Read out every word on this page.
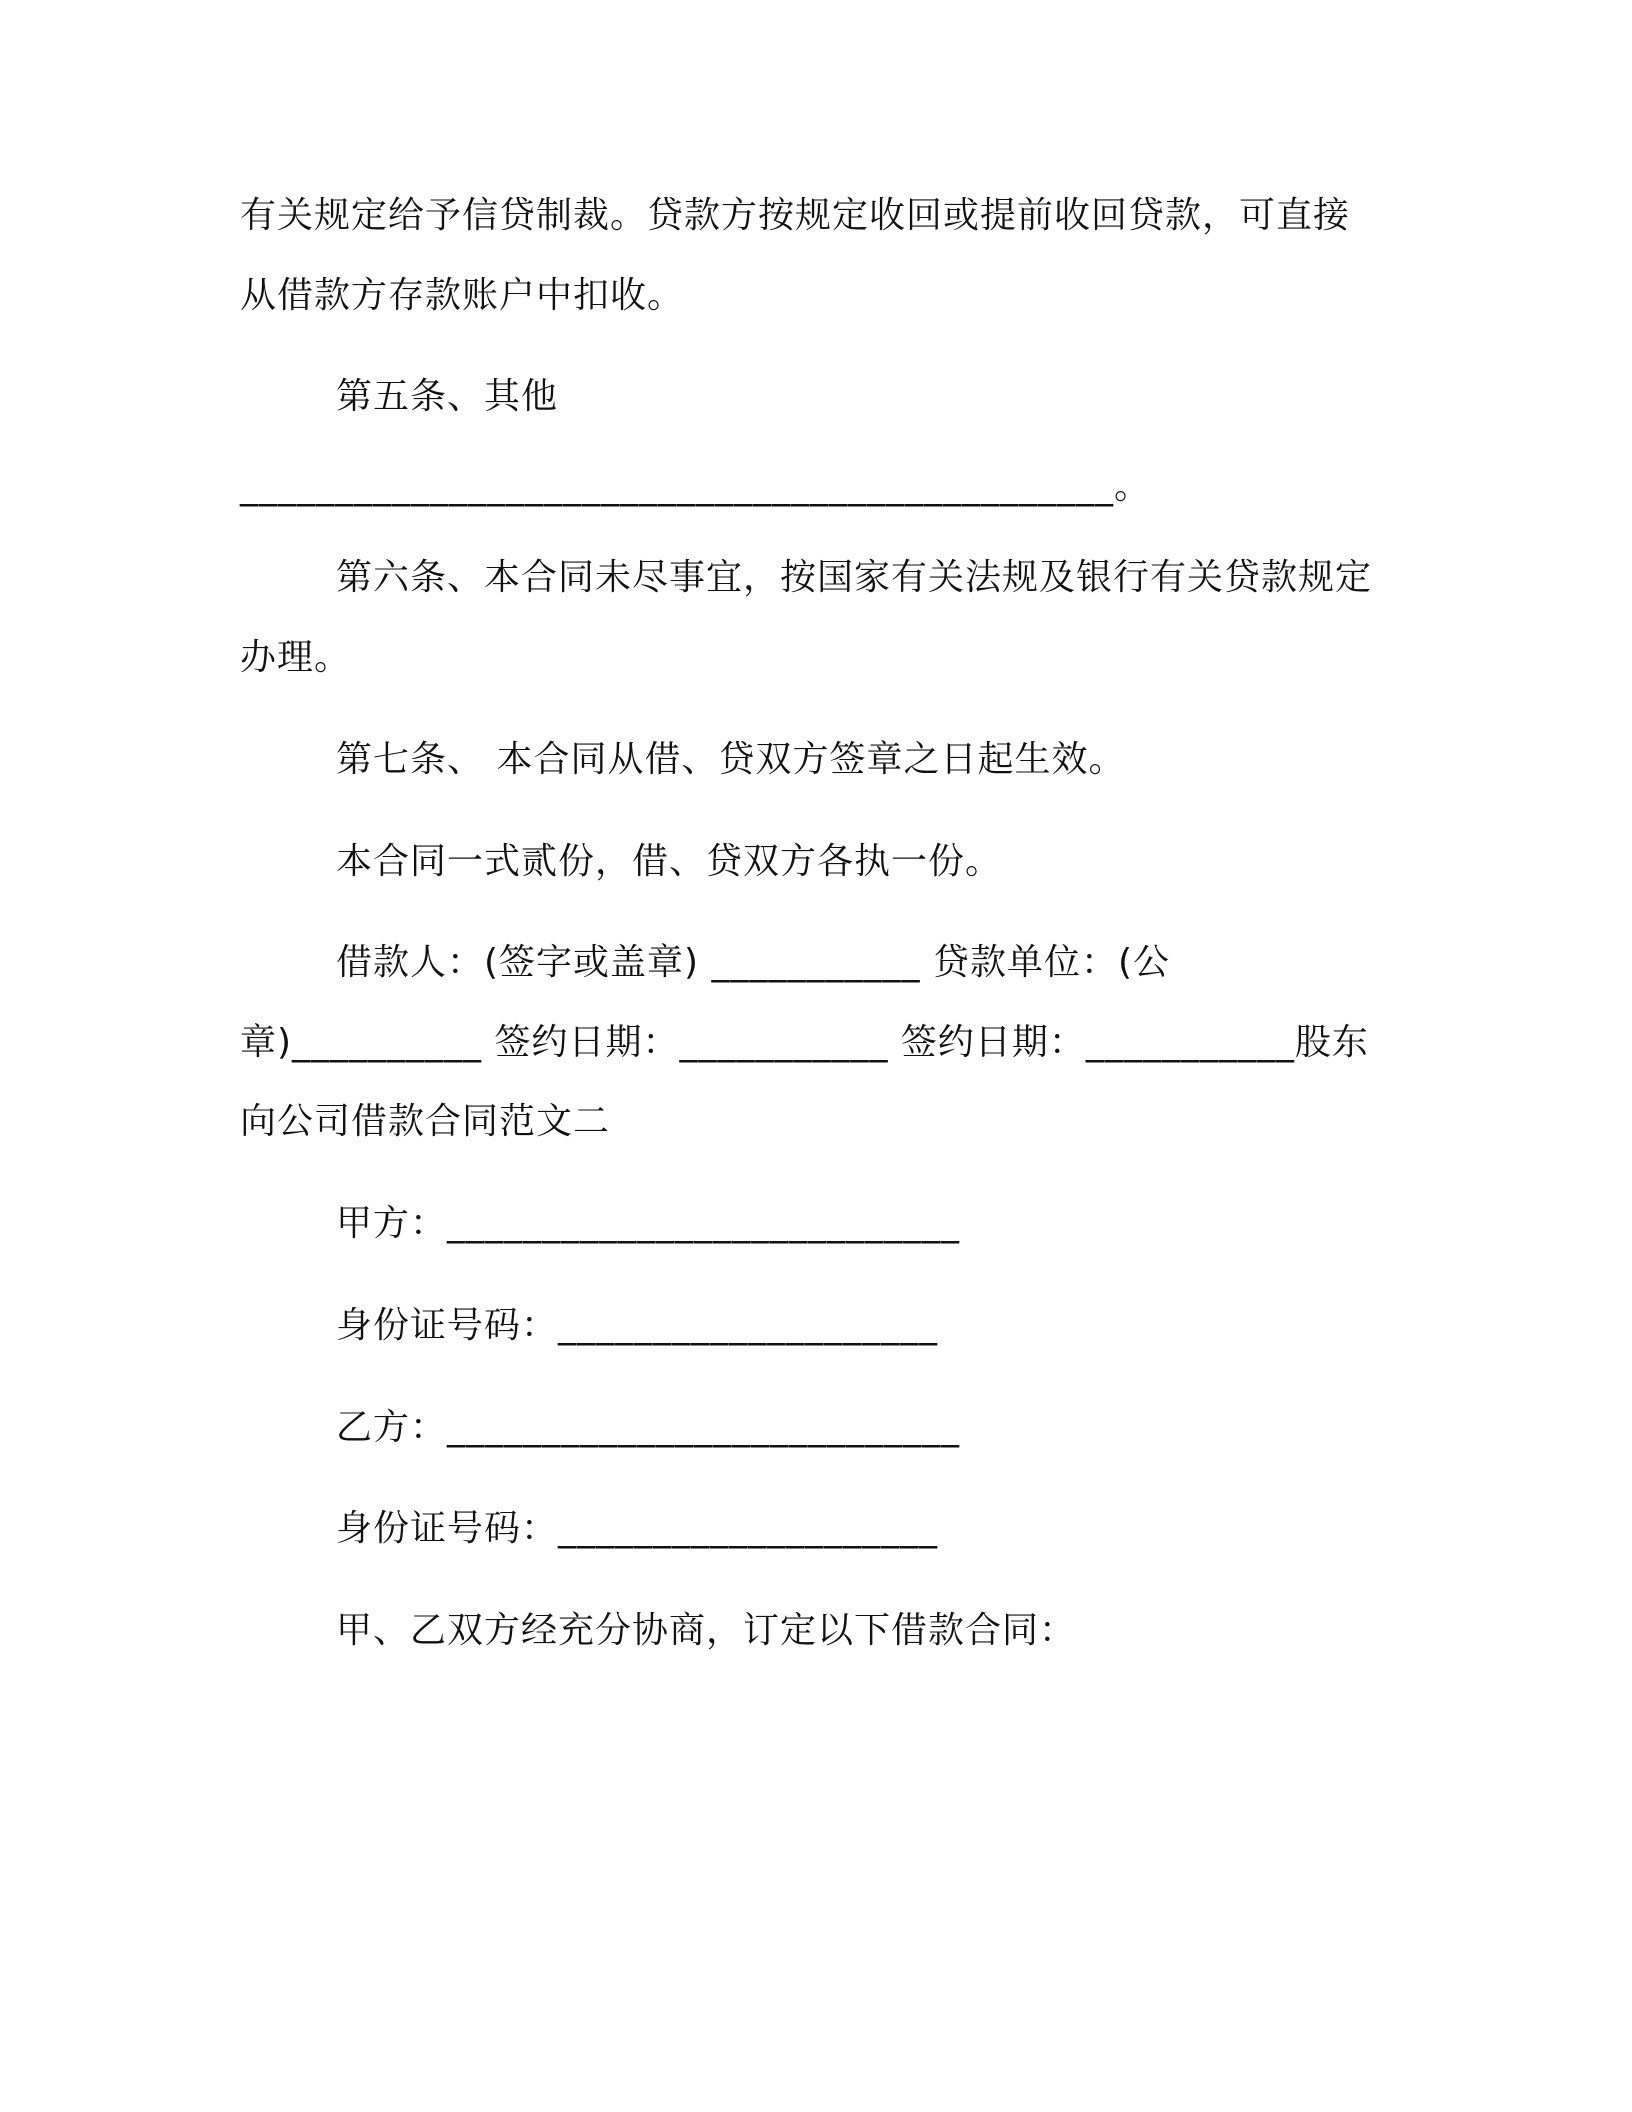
有关规定给予信贷制裁。贷款方按规定收回或提前收回贷款，可直接
从借款方存款账户中扣收。
第五条、其他
______________________________________________。
第六条、本合同未尽事宜，按国家有关法规及银行有关贷款规定
办理。
第七条、 本合同从借、贷双方签章之日起生效。
本合同一式贰份，借、贷双方各执一份。
借款人：(签字或盖章) ___________ 贷款单位：(公
章)__________ 签约日期：___________ 签约日期：___________股东
向公司借款合同范文二
甲方：___________________________
身份证号码：____________________
乙方：___________________________
身份证号码：____________________
甲、乙双方经充分协商，订定以下借款合同：
